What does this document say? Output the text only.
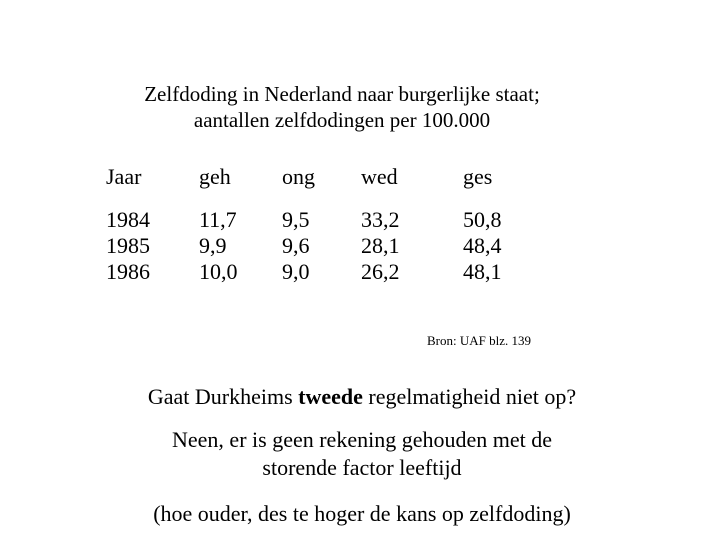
Zelfdoding in Nederland naar burgerlijke staat;
aantallen zelfdodingen per 100.000
Jaar	geh ong wed	ges
1984 11,7 9,5 33,2	50,8
1985 9,9	9,6 28,1	48,4
1986 10,0 9,0 26,2	48,1
Bron: UAF blz. 139
Gaat Durkheims tweede regelmatigheid niet op?
Neen, er is geen rekening gehouden met de
storende factor leeftijd
(hoe ouder, des te hoger de kans op zelfdoding)
